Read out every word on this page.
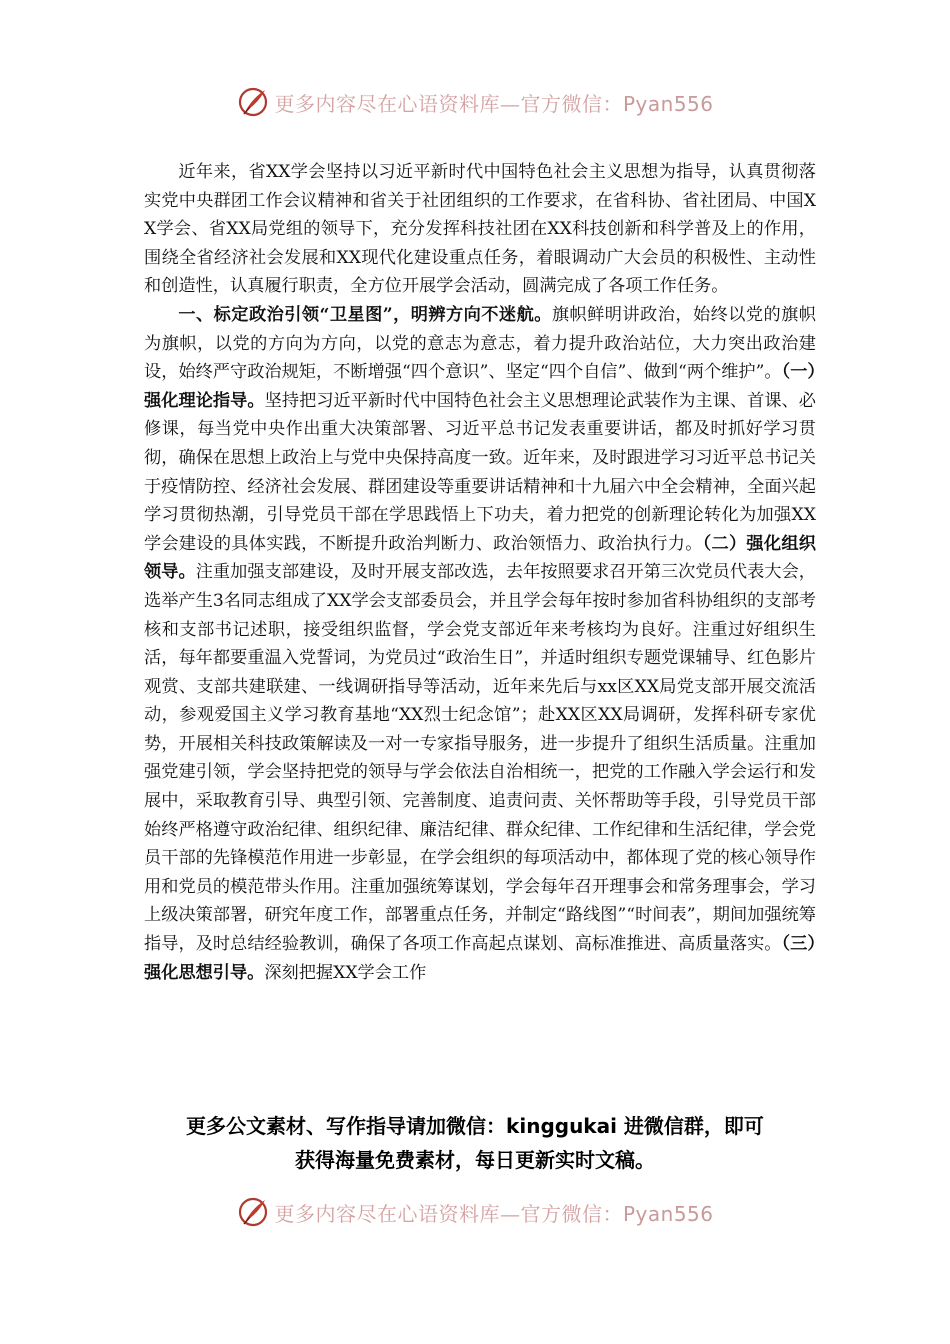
更多内容尽在心语资料库—官方微信：Pyan556

近年来，省XX学会坚持以习近平新时代中国特色社会主义思想为指导，认真贯彻落实党中央群团工作会议精神和省关于社团组织的工作要求，在省科协、省社团局、中国XX学会、省XX局党组的领导下，充分发挥科技社团在XX科技创新和科学普及上的作用，围绕全省经济社会发展和XX现代化建设重点任务，着眼调动广大会员的积极性、主动性和创造性，认真履行职责，全方位开展学会活动，圆满完成了各项工作任务。

一、标定政治引领“卫星图”，明辨方向不迷航。旗帜鲜明讲政治，始终以党的旗帜为旗帜，以党的方向为方向，以党的意志为意志，着力提升政治站位，大力突出政治建设，始终严守政治规矩，不断增强“四个意识”、坚定“四个自信”、做到“两个维护”。（一）强化理论指导。坚持把习近平新时代中国特色社会主义思想理论武装作为主课、首课、必修课，每当党中央作出重大决策部署、习近平总书记发表重要讲话，都及时抓好学习贯彻，确保在思想上政治上与党中央保持高度一致。近年来，及时跟进学习习近平总书记关于疫情防控、经济社会发展、群团建设等重要讲话精神和十九届六中全会精神，全面兴起学习贯彻热潮，引导党员干部在学思践悟上下功夫，着力把党的创新理论转化为加强XX学会建设的具体实践，不断提升政治判断力、政治领悟力、政治执行力。（二）强化组织领导。注重加强支部建设，及时开展支部改选，去年按照要求召开第三次党员代表大会，选举产生3名同志组成了XX学会支部委员会，并且学会每年按时参加省科协组织的支部考核和支部书记述职，接受组织监督，学会党支部近年来考核均为良好。注重过好组织生活，每年都要重温入党誓词，为党员过“政治生日”，并适时组织专题党课辅导、红色影片观赏、支部共建联建、一线调研指导等活动，近年来先后与xx区XX局党支部开展交流活动，参观爱国主义学习教育基地“XX烈士纪念馆”；赴XX区XX局调研，发挥科研专家优势，开展相关科技政策解读及一对一专家指导服务，进一步提升了组织生活质量。注重加强党建引领，学会坚持把党的领导与学会依法自治相统一，把党的工作融入学会运行和发展中，采取教育引导、典型引领、完善制度、追责问责、关怀帮助等手段，引导党员干部始终严格遵守政治纪律、组织纪律、廉洁纪律、群众纪律、工作纪律和生活纪律，学会党员干部的先锋模范作用进一步彰显，在学会组织的每项活动中，都体现了党的核心领导作用和党员的模范带头作用。注重加强统筹谋划，学会每年召开理事会和常务理事会，学习上级决策部署，研究年度工作，部署重点任务，并制定“路线图”“时间表”，期间加强统筹指导，及时总结经验教训，确保了各项工作高起点谋划、高标准推进、高质量落实。（三）强化思想引导。深刻把握XX学会工作

更多公文素材、写作指导请加微信：kinggukai 进微信群，即可
获得海量免费素材，每日更新实时文稿。
更多内容尽在心语资料库—官方微信：Pyan556
